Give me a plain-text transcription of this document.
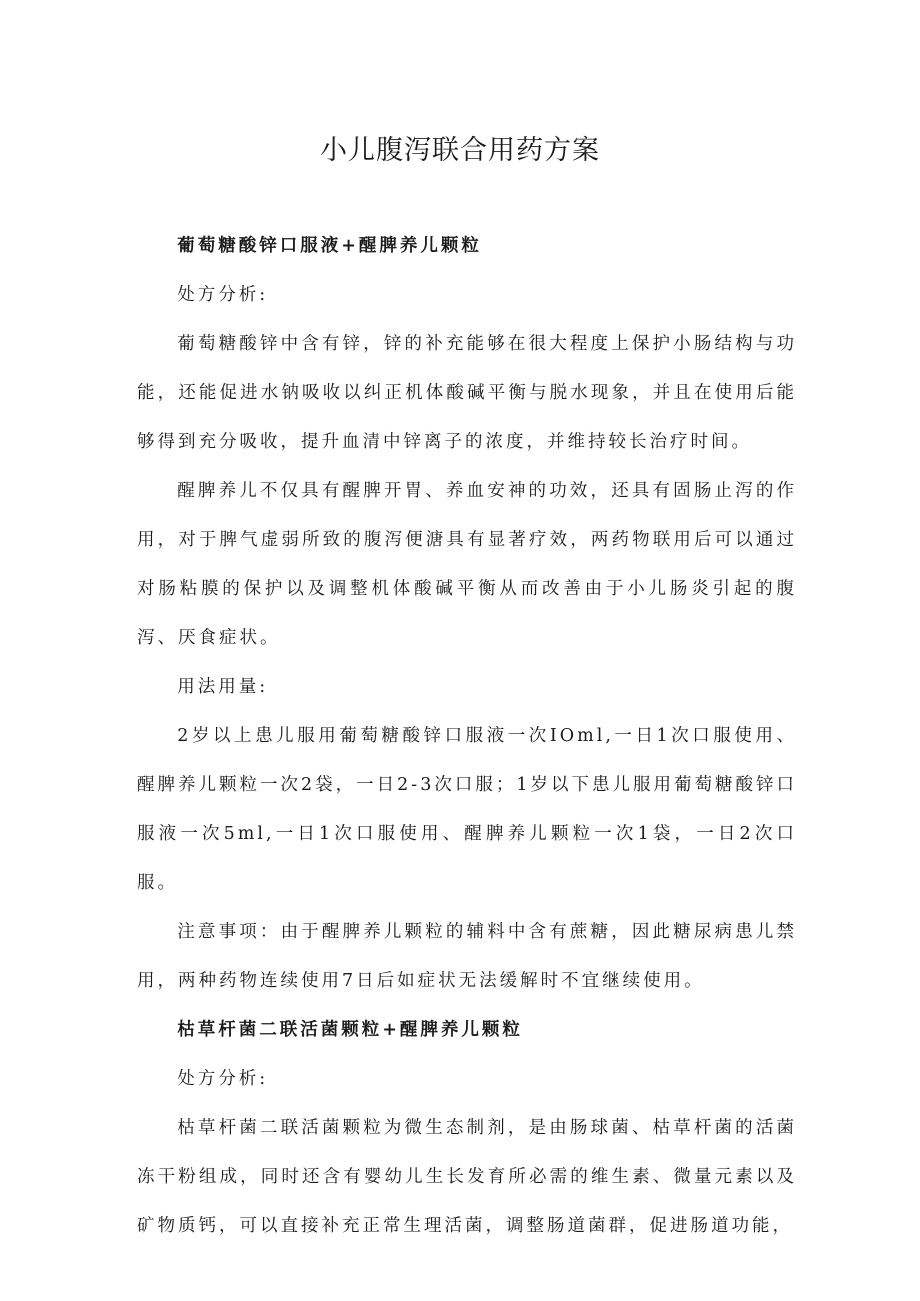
小儿腹泻联合用药方案

葡萄糖酸锌口服液+醒脾养儿颗粒

处方分析:

葡萄糖酸锌中含有锌，锌的补充能够在很大程度上保护小肠结构与功能，还能促进水钠吸收以纠正机体酸碱平衡与脱水现象，并且在使用后能够得到充分吸收，提升血清中锌离子的浓度，并维持较长治疗时间。

醒脾养儿不仅具有醒脾开胃、养血安神的功效，还具有固肠止泻的作用，对于脾气虚弱所致的腹泻便溏具有显著疗效，两药物联用后可以通过对肠粘膜的保护以及调整机体酸碱平衡从而改善由于小儿肠炎引起的腹泻、厌食症状。

用法用量:

2岁以上患儿服用葡萄糖酸锌口服液一次IOml,一日1次口服使用、醒脾养儿颗粒一次2袋，一日2-3次口服；1岁以下患儿服用葡萄糖酸锌口服液一次5ml,一日1次口服使用、醒脾养儿颗粒一次1袋，一日2次口服。

注意事项：由于醒脾养儿颗粒的辅料中含有蔗糖，因此糖尿病患儿禁用，两种药物连续使用7日后如症状无法缓解时不宜继续使用。

枯草杆菌二联活菌颗粒+醒脾养儿颗粒

处方分析:

枯草杆菌二联活菌颗粒为微生态制剂，是由肠球菌、枯草杆菌的活菌冻干粉组成，同时还含有婴幼儿生长发育所必需的维生素、微量元素以及矿物质钙，可以直接补充正常生理活菌，调整肠道菌群，促进肠道功能，
